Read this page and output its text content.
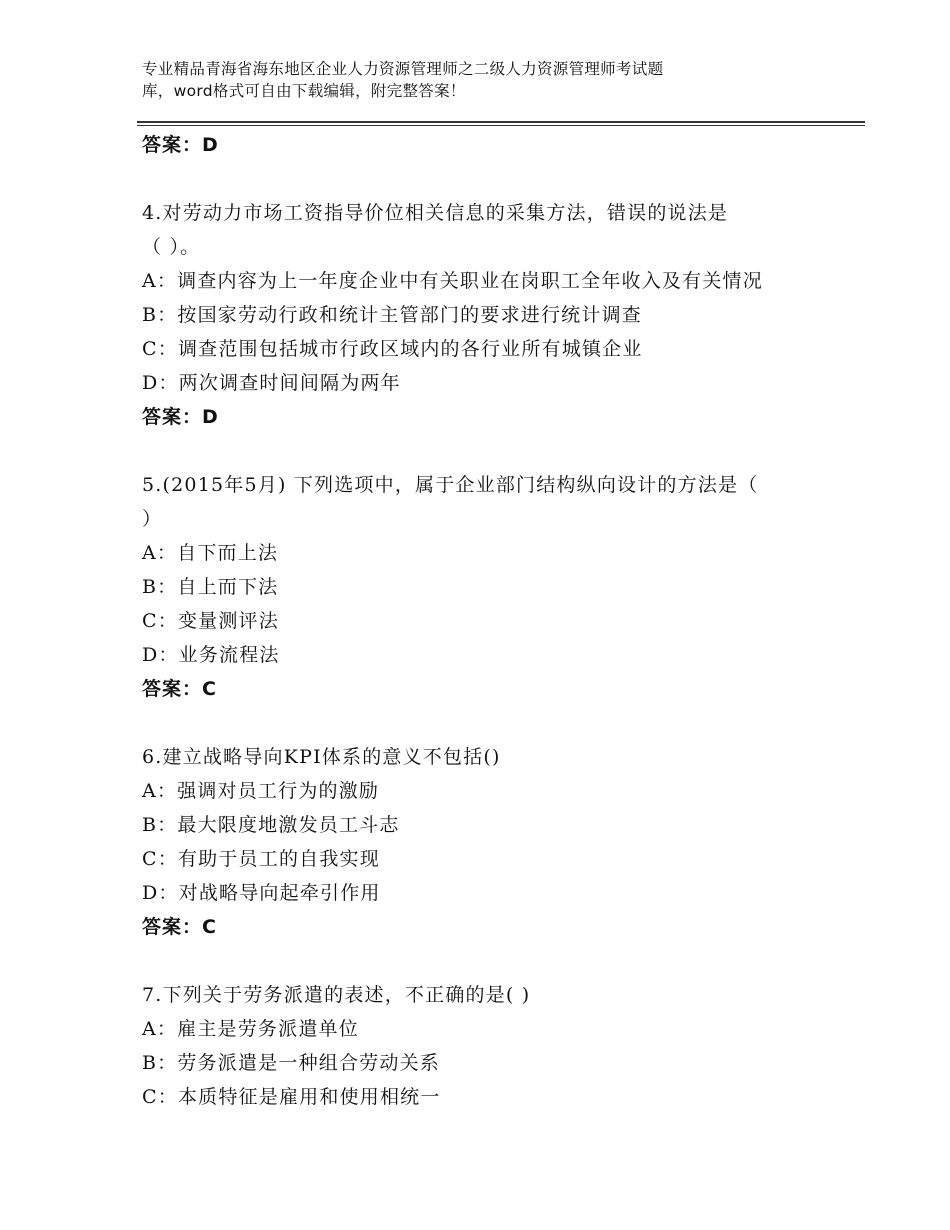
专业精品青海省海东地区企业人力资源管理师之二级人力资源管理师考试题
库，word格式可自由下载编辑，附完整答案！
答案：D
4.对劳动力市场工资指导价位相关信息的采集方法，错误的说法是
（ ）。
A：调查内容为上一年度企业中有关职业在岗职工全年收入及有关情况
B：按国家劳动行政和统计主管部门的要求进行统计调查
C：调查范围包括城市行政区域内的各行业所有城镇企业
D：两次调查时间间隔为两年
答案：D
5.(2015年5月) 下列选项中，属于企业部门结构纵向设计的方法是（
）
A：自下而上法
B：自上而下法
C：变量测评法
D：业务流程法
答案：C
6.建立战略导向KPI体系的意义不包括()
A：强调对员工行为的激励
B：最大限度地激发员工斗志
C：有助于员工的自我实现
D：对战略导向起牵引作用
答案：C
7.下列关于劳务派遣的表述，不正确的是( )
A：雇主是劳务派遣单位
B：劳务派遣是一种组合劳动关系
C：本质特征是雇用和使用相统一
